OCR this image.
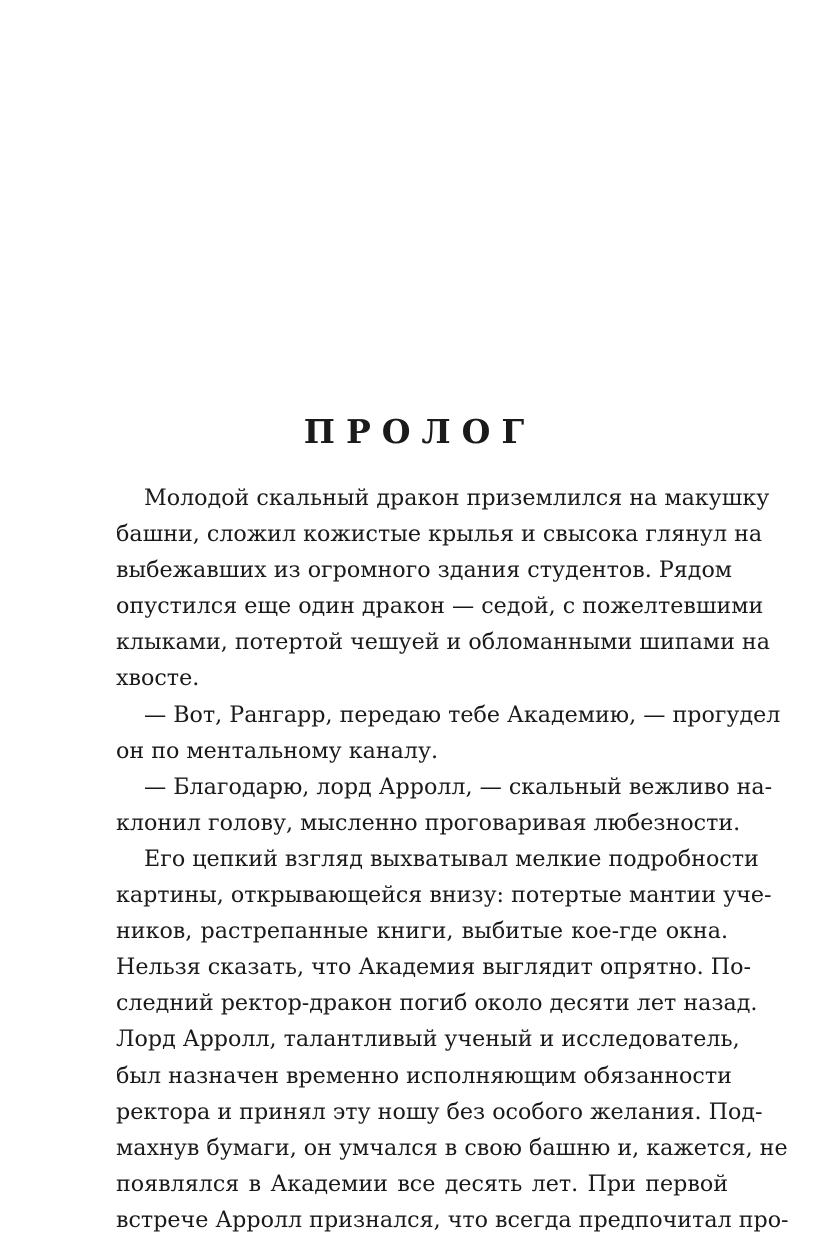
ПРОЛОГ
Молодой скальный дракон приземлился на макушку
башни, сложил кожистые крылья и свысока глянул на
выбежавших из огромного здания студентов. Рядом
опустился еще один дракон — седой, с пожелтевшими
клыками, потертой чешуей и обломанными шипами на
хвосте.
— Вот, Рангарр, передаю тебе Академию, — прогудел
он по ментальному каналу.
— Благодарю, лорд Арролл, — скальный вежливо на-
клонил голову, мысленно проговаривая любезности.
Его цепкий взгляд выхватывал мелкие подробности
картины, открывающейся внизу: потертые мантии уче-
ников, растрепанные книги, выбитые кое-где окна.
Нельзя сказать, что Академия выглядит опрятно. По-
следний ректор-дракон погиб около десяти лет назад.
Лорд Арролл, талантливый ученый и исследователь,
был назначен временно исполняющим обязанности
ректора и принял эту ношу без особого желания. Под-
махнув бумаги, он умчался в свою башню и, кажется, не
появлялся в Академии все десять лет. При первой
встрече Арролл признался, что всегда предпочитал про-
